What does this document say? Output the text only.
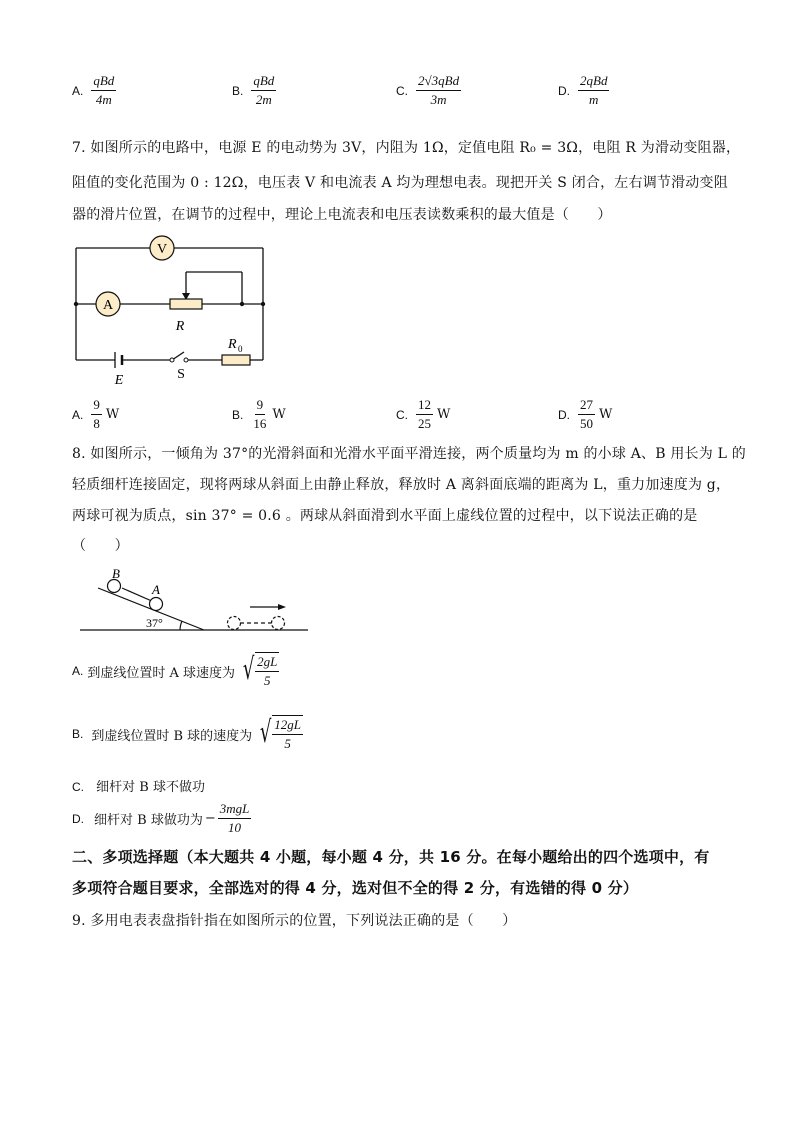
A. $\frac{\text{qBd}}{4m}$	B. $\frac{\text{qBd}}{2m}$	C. $\frac{\text{2√3qBd}}{3m}$	D. $\frac{\text{2qBd}}{m}$
7. 如图所示的电路中，电源 E 的电动势为 3V，内阻为 1Ω，定值电阻 R₀ = 3Ω，电阻 R 为滑动变阻器，
阻值的变化范围为 0 : 12Ω，电压表 V 和电流表 A 均为理想电表。现把开关 S 闭合，左右调节滑动变阻
器的滑片位置，在调节的过程中，理论上电流表和电压表读数乘积的最大值是（　　）
V
A
R
R 0
E	S
A. $\frac{9}{8}$ W	B. $\frac{9}{16}$ W	C. $\frac{12}{25}$ W	D. $\frac{27}{50}$ W
8. 如图所示，一倾角为 37°的光滑斜面和光滑水平面平滑连接，两个质量均为 m 的小球 A、B 用长为 L 的
轻质细杆连接固定，现将两球从斜面上由静止释放，释放时 A 离斜面底端的距离为 L，重力加速度为 g，
两球可视为质点，sin 37° = 0.6 。两球从斜面滑到水平面上虚线位置的过程中，以下说法正确的是
（　　）
B
A
37°
A. 到虚线位置时 A 球速度为 √ $\frac{2gL}{5}$
B. 到虚线位置时 B 球的速度为 √ $\frac{12gL}{5}$
C. 细杆对 B 球不做功
D. 细杆对 B 球做功为 − $\frac{\text{3mgL}}{10}$
二、多项选择题（本大题共 4 小题，每小题 4 分，共 16 分。在每小题给出的四个选项中，有
多项符合题目要求，全部选对的得 4 分，选对但不全的得 2 分，有选错的得 0 分）
9. 多用电表表盘指针指在如图所示的位置，下列说法正确的是（　　）
